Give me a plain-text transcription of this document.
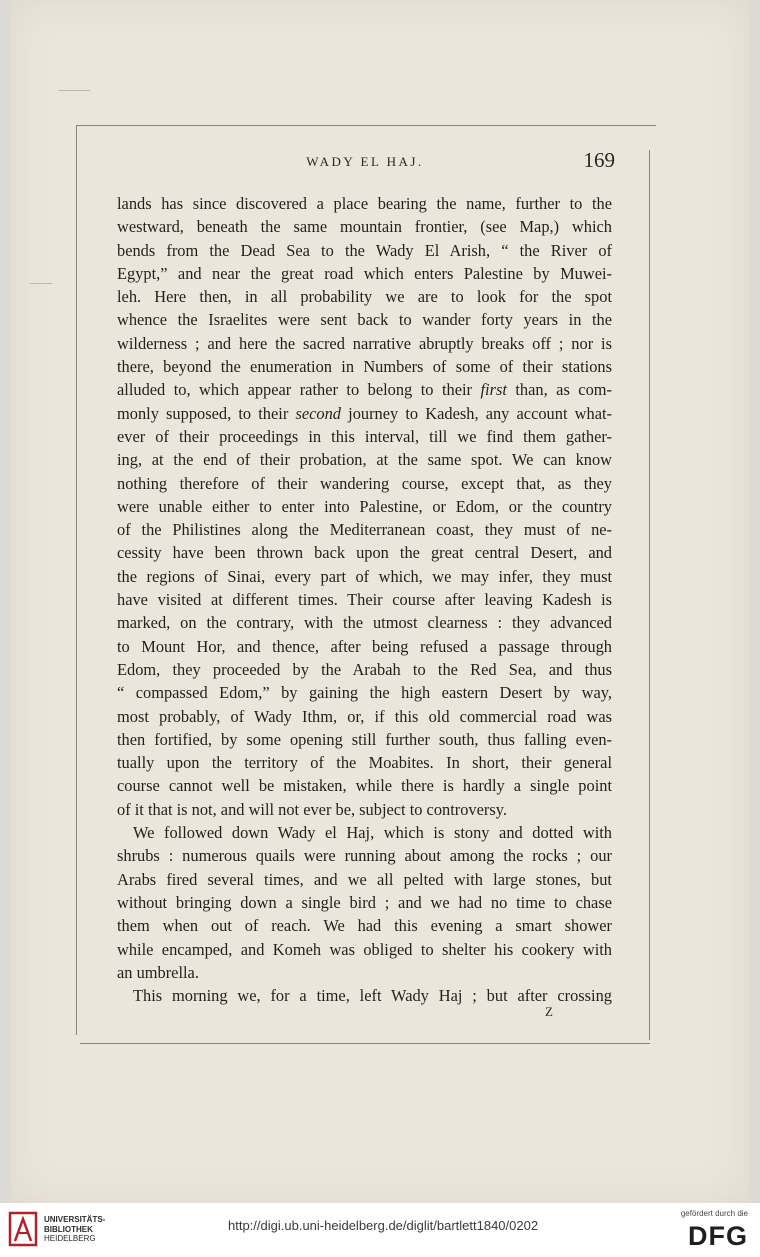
WADY EL HAJ.	169
lands has since discovered a place bearing the name, further to the
westward, beneath the same mountain frontier, (see Map,) which
bends from the Dead Sea to the Wady El Arish, “ the River of
Egypt,” and near the great road which enters Palestine by Muwei-
leh. Here then, in all probability we are to look for the spot
whence the Israelites were sent back to wander forty years in the
wilderness ; and here the sacred narrative abruptly breaks off ; nor is
there, beyond the enumeration in Numbers of some of their stations
alluded to, which appear rather to belong to their first than, as com-
monly supposed, to their second journey to Kadesh, any account what-
ever of their proceedings in this interval, till we find them gather-
ing, at the end of their probation, at the same spot. We can know
nothing therefore of their wandering course, except that, as they
were unable either to enter into Palestine, or Edom, or the country
of the Philistines along the Mediterranean coast, they must of ne-
cessity have been thrown back upon the great central Desert, and
the regions of Sinai, every part of which, we may infer, they must
have visited at different times. Their course after leaving Kadesh is
marked, on the contrary, with the utmost clearness : they advanced
to Mount Hor, and thence, after being refused a passage through
Edom, they proceeded by the Arabah to the Red Sea, and thus
“ compassed Edom,” by gaining the high eastern Desert by way,
most probably, of Wady Ithm, or, if this old commercial road was
then fortified, by some opening still further south, thus falling even-
tually upon the territory of the Moabites. In short, their general
course cannot well be mistaken, while there is hardly a single point
of it that is not, and will not ever be, subject to controversy.
We followed down Wady el Haj, which is stony and dotted with
shrubs : numerous quails were running about among the rocks ; our
Arabs fired several times, and we all pelted with large stones, but
without bringing down a single bird ; and we had no time to chase
them when out of reach. We had this evening a smart shower
while encamped, and Komeh was obliged to shelter his cookery with
an umbrella.
This morning we, for a time, left Wady Haj ; but after crossing
Z
UNIVERSITÄTS-
BIBLIOTHEK
HEIDELBERG
http://digi.ub.uni-heidelberg.de/diglit/bartlett1840/0202
gefördert durch die
DFG
